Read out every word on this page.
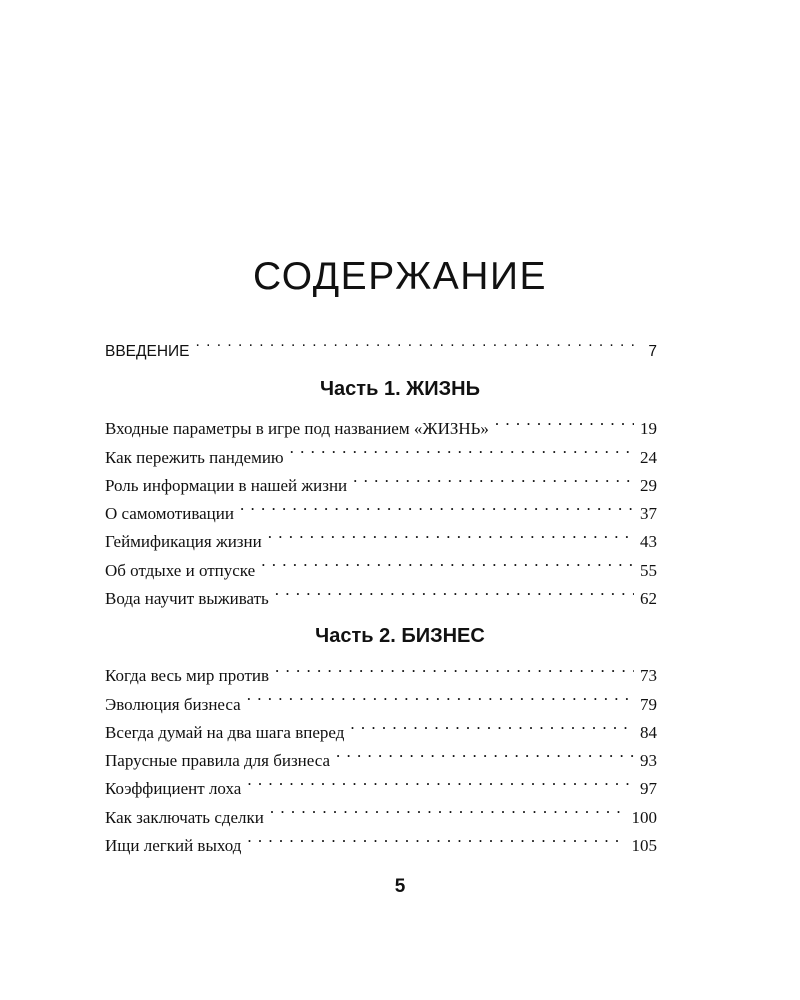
СОДЕРЖАНИЕ
ВВЕДЕНИЕ . . .	7
Часть 1. ЖИЗНЬ
Входные параметры в игре под названием «ЖИЗНЬ» . . .	19
Как пережить пандемию . . .	24
Роль информации в нашей жизни . . .	29
О самомотивации . . .	37
Геймификация жизни . . .	43
Об отдыхе и отпуске . . .	55
Вода научит выживать . . .	62
Часть 2. БИЗНЕС
Когда весь мир против . . .	73
Эволюция бизнеса . . .	79
Всегда думай на два шага вперед . . .	84
Парусные правила для бизнеса . . .	93
Коэффициент лоха . . .	97
Как заключать сделки . . .	100
Ищи легкий выход . . .	105

5
